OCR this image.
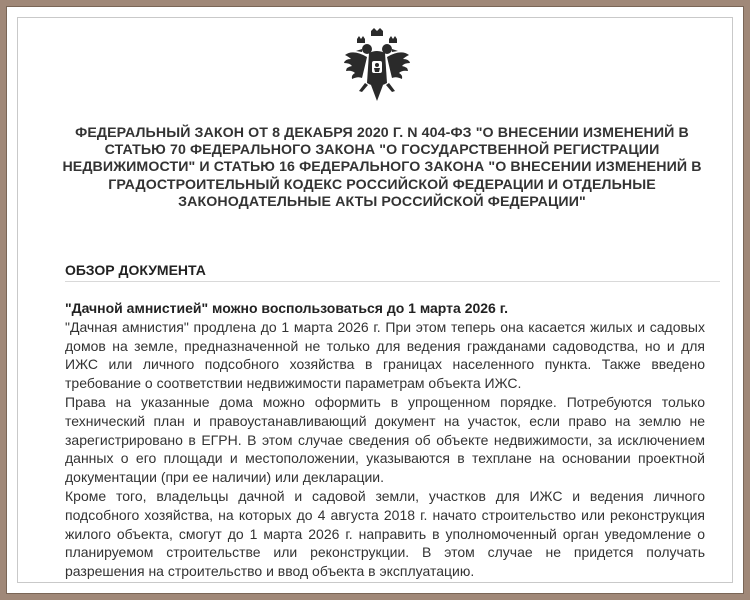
ФЕДЕРАЛЬНЫЙ ЗАКОН ОТ 8 ДЕКАБРЯ 2020 Г. N 404-ФЗ "О ВНЕСЕНИИ ИЗМЕНЕНИЙ В СТАТЬЮ 70 ФЕДЕРАЛЬНОГО ЗАКОНА "О ГОСУДАРСТВЕННОЙ РЕГИСТРАЦИИ НЕДВИЖИМОСТИ" И СТАТЬЮ 16 ФЕДЕРАЛЬНОГО ЗАКОНА "О ВНЕСЕНИИ ИЗМЕНЕНИЙ В ГРАДОСТРОИТЕЛЬНЫЙ КОДЕКС РОССИЙСКОЙ ФЕДЕРАЦИИ И ОТДЕЛЬНЫЕ ЗАКОНОДАТЕЛЬНЫЕ АКТЫ РОССИЙСКОЙ ФЕДЕРАЦИИ"
ОБЗОР ДОКУМЕНТА
"Дачной амнистией" можно воспользоваться до 1 марта 2026 г.
"Дачная амнистия" продлена до 1 марта 2026 г. При этом теперь она касается жилых и садовых домов на земле, предназначенной не только для ведения гражданами садоводства, но и для ИЖС или личного подсобного хозяйства в границах населенного пункта. Также введено требование о соответствии недвижимости параметрам объекта ИЖС.
Права на указанные дома можно оформить в упрощенном порядке. Потребуются только технический план и правоустанавливающий документ на участок, если право на землю не зарегистрировано в ЕГРН. В этом случае сведения об объекте недвижимости, за исключением данных о его площади и местоположении, указываются в техплане на основании проектной документации (при ее наличии) или декларации.
Кроме того, владельцы дачной и садовой земли, участков для ИЖС и ведения личного подсобного хозяйства, на которых до 4 августа 2018 г. начато строительство или реконструкция жилого объекта, смогут до 1 марта 2026 г. направить в уполномоченный орган уведомление о планируемом строительстве или реконструкции. В этом случае не придется получать разрешения на строительство и ввод объекта в эксплуатацию.
